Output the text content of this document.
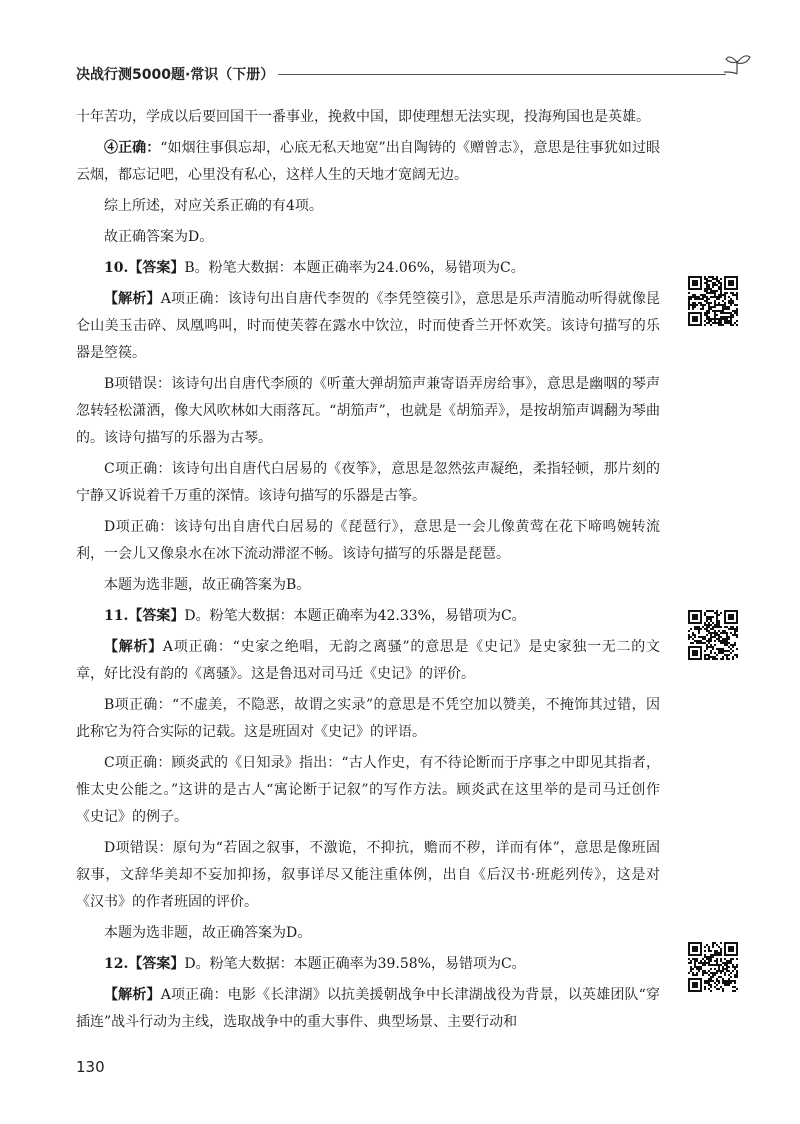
决战行测5000题·常识（下册）

十年苦功，学成以后要回国干一番事业，挽救中国，即使理想无法实现，投海殉国也是英雄。

④正确：“如烟往事俱忘却，心底无私天地宽”出自陶铸的《赠曾志》，意思是往事犹如过眼云烟，都忘记吧，心里没有私心，这样人生的天地才宽阔无边。

综上所述，对应关系正确的有4项。

故正确答案为D。

10.【答案】B。粉笔大数据：本题正确率为24.06%，易错项为C。

【解析】A项正确：该诗句出自唐代李贺的《李凭箜篌引》，意思是乐声清脆动听得就像昆仑山美玉击碎、凤凰鸣叫，时而使芙蓉在露水中饮泣，时而使香兰开怀欢笑。该诗句描写的乐器是箜篌。

B项错误：该诗句出自唐代李颀的《听董大弹胡笳声兼寄语弄房给事》，意思是幽咽的琴声忽转轻松潇洒，像大风吹林如大雨落瓦。“胡笳声”，也就是《胡笳弄》，是按胡笳声调翻为琴曲的。该诗句描写的乐器为古琴。

C项正确：该诗句出自唐代白居易的《夜筝》，意思是忽然弦声凝绝，柔指轻顿，那片刻的宁静又诉说着千万重的深情。该诗句描写的乐器是古筝。

D项正确：该诗句出自唐代白居易的《琵琶行》，意思是一会儿像黄莺在花下啼鸣婉转流利，一会儿又像泉水在冰下流动滞涩不畅。该诗句描写的乐器是琵琶。

本题为选非题，故正确答案为B。

11.【答案】D。粉笔大数据：本题正确率为42.33%，易错项为C。

【解析】A项正确：“史家之绝唱，无韵之离骚”的意思是《史记》是史家独一无二的文章，好比没有韵的《离骚》。这是鲁迅对司马迁《史记》的评价。

B项正确：“不虚美，不隐恶，故谓之实录”的意思是不凭空加以赞美，不掩饰其过错，因此称它为符合实际的记载。这是班固对《史记》的评语。

C项正确：顾炎武的《日知录》指出：“古人作史，有不待论断而于序事之中即见其指者，惟太史公能之。”这讲的是古人“寓论断于记叙”的写作方法。顾炎武在这里举的是司马迁创作《史记》的例子。

D项错误：原句为“若固之叙事，不激诡，不抑抗，赡而不秽，详而有体”，意思是像班固叙事，文辞华美却不妄加抑扬，叙事详尽又能注重体例，出自《后汉书·班彪列传》，这是对《汉书》的作者班固的评价。

本题为选非题，故正确答案为D。

12.【答案】D。粉笔大数据：本题正确率为39.58%，易错项为C。

【解析】A项正确：电影《长津湖》以抗美援朝战争中长津湖战役为背景，以英雄团队“穿插连”战斗行动为主线，选取战争中的重大事件、典型场景、主要行动和

130
